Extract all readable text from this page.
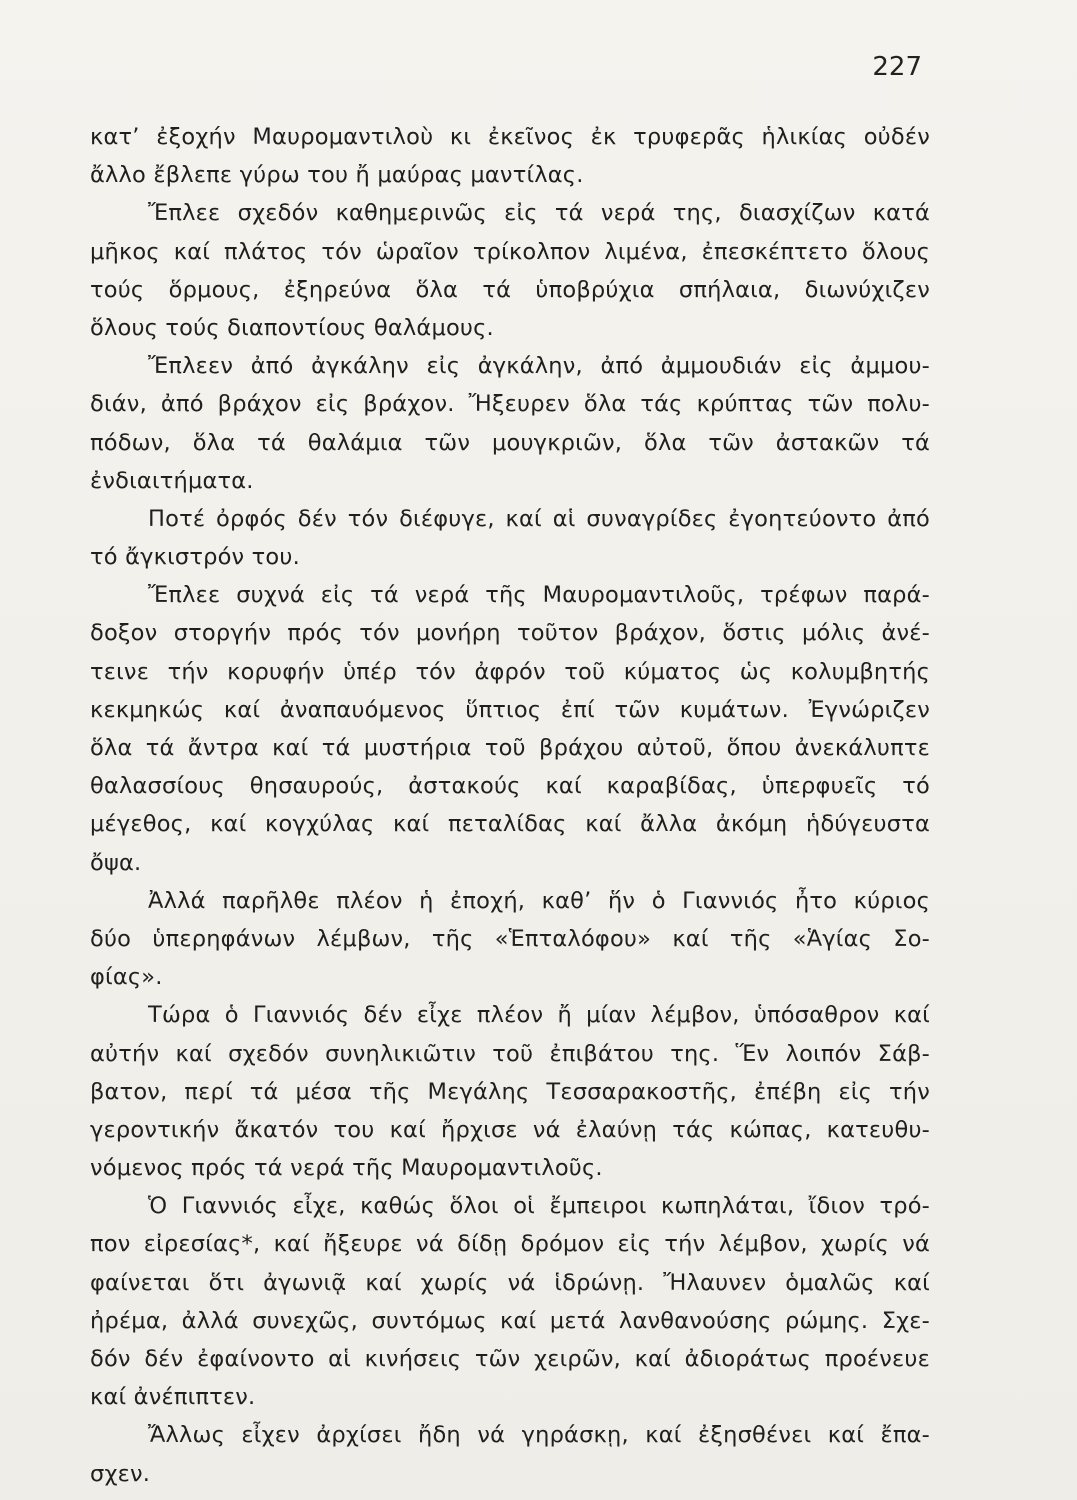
227
κατ’ ἐξοχήν Μαυρομαντιλοὺ κι ἐκεῖνος ἐκ τρυφερᾶς ἡλικίας οὐδέν
ἄλλο ἔβλεπε γύρω του ἤ μαύρας μαντίλας.
Ἔπλεε σχεδόν καθημερινῶς εἰς τά νερά της, διασχίζων κατά
μῆκος καί πλάτος τόν ὡραῖον τρίκολπον λιμένα, ἐπεσκέπτετο ὅλους
τούς ὅρμους, ἐξηρεύνα ὅλα τά ὑποβρύχια σπήλαια, διωνύχιζεν
ὅλους τούς διαποντίους θαλάμους.
Ἔπλεεν ἀπό ἀγκάλην εἰς ἀγκάλην, ἀπό ἀμμουδιάν εἰς ἀμμου-
διάν, ἀπό βράχον εἰς βράχον. Ἤξευρεν ὅλα τάς κρύπτας τῶν πολυ-
πόδων, ὅλα τά θαλάμια τῶν μουγκριῶν, ὅλα τῶν ἀστακῶν τά
ἐνδιαιτήματα.
Ποτέ ὀρφός δέν τόν διέφυγε, καί αἱ συναγρίδες ἐγοητεύοντο ἀπό
τό ἄγκιστρόν του.
Ἔπλεε συχνά εἰς τά νερά τῆς Μαυρομαντιλοῦς, τρέφων παρά-
δοξον στοργήν πρός τόν μονήρη τοῦτον βράχον, ὅστις μόλις ἀνέ-
τεινε τήν κορυφήν ὑπέρ τόν ἀφρόν τοῦ κύματος ὡς κολυμβητής
κεκμηκώς καί ἀναπαυόμενος ὕπτιος ἐπί τῶν κυμάτων. Ἐγνώριζεν
ὅλα τά ἄντρα καί τά μυστήρια τοῦ βράχου αὐτοῦ, ὅπου ἀνεκάλυπτε
θαλασσίους θησαυρούς, ἀστακούς καί καραβίδας, ὑπερφυεῖς τό
μέγεθος, καί κογχύλας καί πεταλίδας καί ἄλλα ἀκόμη ἡδύγευστα
ὄψα.
Ἀλλά παρῆλθε πλέον ἡ ἐποχή, καθ’ ἥν ὁ Γιαννιός ἦτο κύριος
δύο ὑπερηφάνων λέμβων, τῆς «Ἑπταλόφου» καί τῆς «Ἁγίας Σο-
φίας».
Τώρα ὁ Γιαννιός δέν εἶχε πλέον ἤ μίαν λέμβον, ὑπόσαθρον καί
αὐτήν καί σχεδόν συνηλικιῶτιν τοῦ ἐπιβάτου της. Ἕν λοιπόν Σάβ-
βατον, περί τά μέσα τῆς Μεγάλης Τεσσαρακοστῆς, ἐπέβη εἰς τήν
γεροντικήν ἄκατόν του καί ἤρχισε νά ἐλαύνῃ τάς κώπας, κατευθυ-
νόμενος πρός τά νερά τῆς Μαυρομαντιλοῦς.
Ὁ Γιαννιός εἶχε, καθώς ὅλοι οἱ ἔμπειροι κωπηλάται, ἴδιον τρό-
πον εἰρεσίας*, καί ἤξευρε νά δίδῃ δρόμον εἰς τήν λέμβον, χωρίς νά
φαίνεται ὅτι ἀγωνιᾷ καί χωρίς νά ἱδρώνῃ. Ἤλαυνεν ὁμαλῶς καί
ἠρέμα, ἀλλά συνεχῶς, συντόμως καί μετά λανθανούσης ρώμης. Σχε-
δόν δέν ἐφαίνοντο αἱ κινήσεις τῶν χειρῶν, καί ἀδιοράτως προένευε
καί ἀνέπιπτεν.
Ἄλλως εἶχεν ἀρχίσει ἤδη νά γηράσκῃ, καί ἐξησθένει καί ἔπα-
σχεν.
